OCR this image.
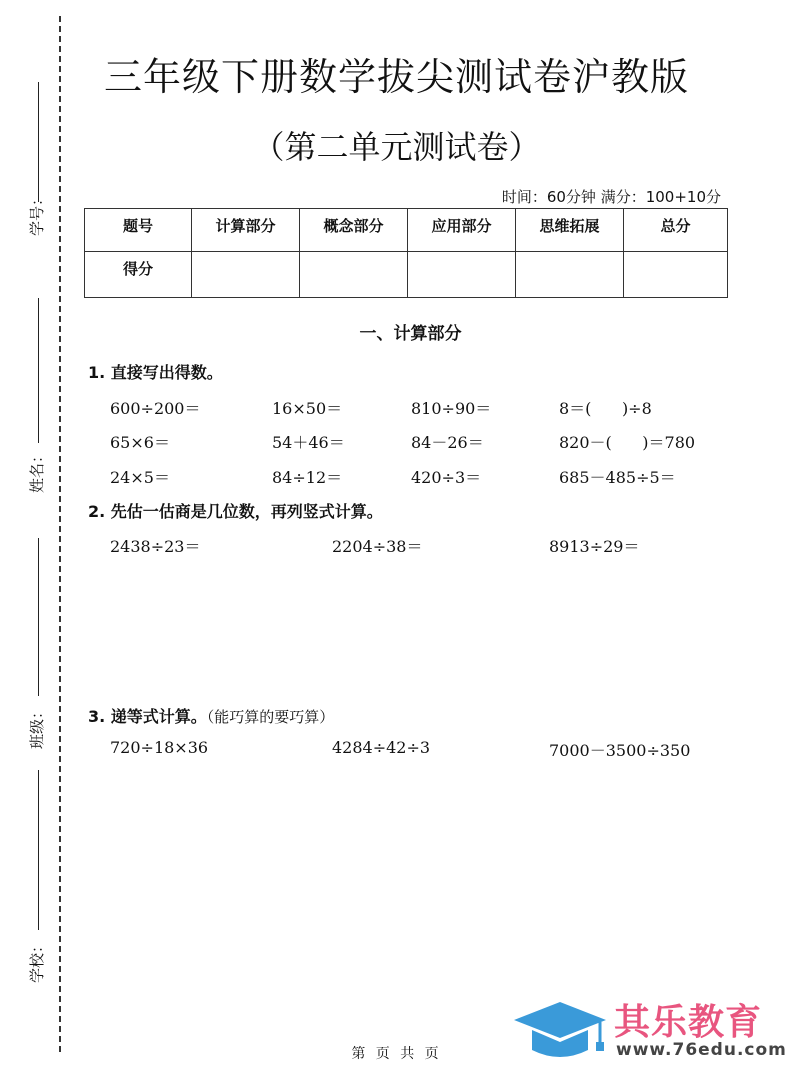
学号：
姓名：
班级：
学校：
三年级下册数学拔尖测试卷沪教版
（第二单元测试卷）
时间：60分钟 满分：100+10分
题号	计算部分	概念部分	应用部分	思维拓展	总分
得分					
一、计算部分
1. 直接写出得数。
600÷200＝	16×50＝	810÷90＝	8＝(      )÷8
65×6＝	54＋46＝	84－26＝	820－(      )＝780
24×5＝	84÷12＝	420÷3＝	685－485÷5＝
2. 先估一估商是几位数，再列竖式计算。
2438÷23＝	2204÷38＝	8913÷29＝
3. 递等式计算。（能巧算的要巧算）
720÷18×36	4284÷42÷3	7000－3500÷350
第 页 共 页
其乐教育
www.76edu.com
